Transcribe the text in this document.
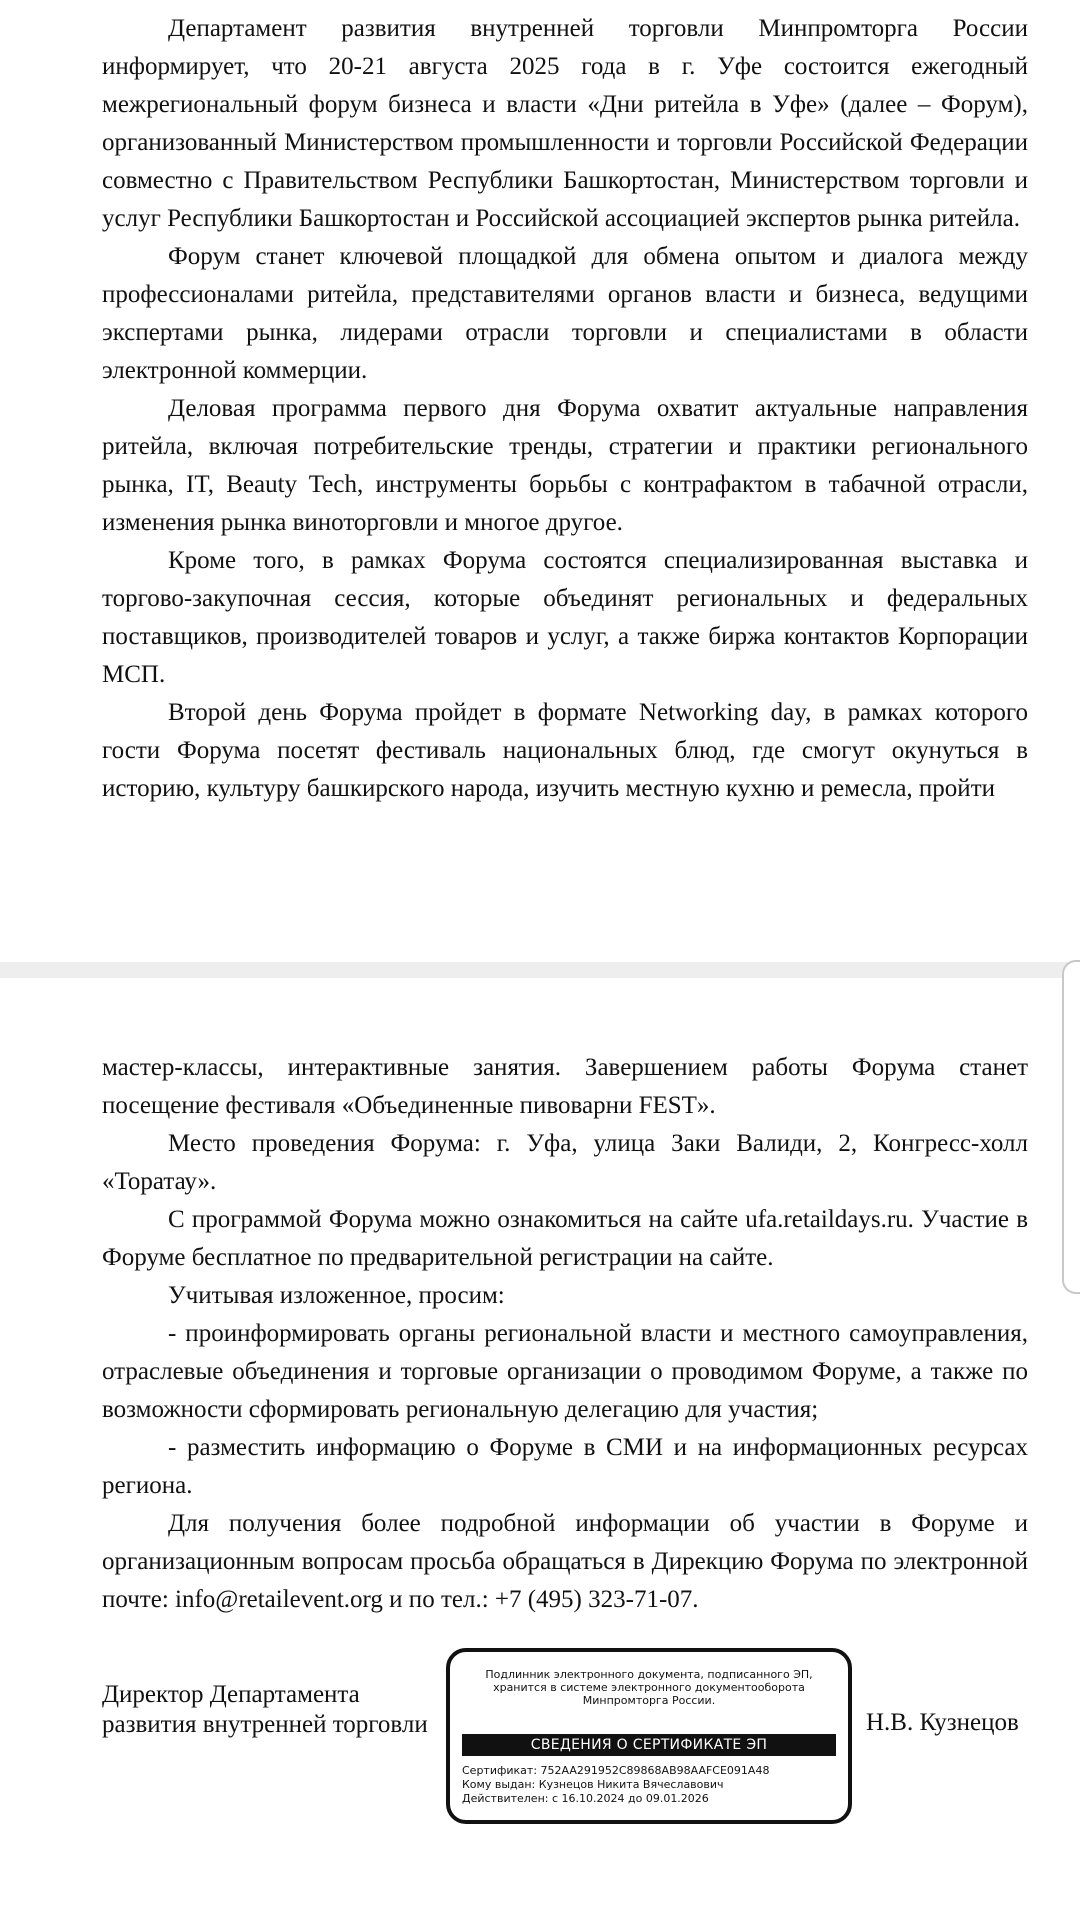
Департамент развития внутренней торговли Минпромторга России информирует, что 20-21 августа 2025 года в г. Уфе состоится ежегодный межрегиональный форум бизнеса и власти «Дни ритейла в Уфе» (далее – Форум), организованный Министерством промышленности и торговли Российской Федерации совместно с Правительством Республики Башкортостан, Министерством торговли и услуг Республики Башкортостан и Российской ассоциацией экспертов рынка ритейла.

Форум станет ключевой площадкой для обмена опытом и диалога между профессионалами ритейла, представителями органов власти и бизнеса, ведущими экспертами рынка, лидерами отрасли торговли и специалистами в области электронной коммерции.

Деловая программа первого дня Форума охватит актуальные направления ритейла, включая потребительские тренды, стратегии и практики регионального рынка, IT, Beauty Tech, инструменты борьбы с контрафактом в табачной отрасли, изменения рынка виноторговли и многое другое.

Кроме того, в рамках Форума состоятся специализированная выставка и торгово-закупочная сессия, которые объединят региональных и федеральных поставщиков, производителей товаров и услуг, а также биржа контактов Корпорации МСП.

Второй день Форума пройдет в формате Networking day, в рамках которого гости Форума посетят фестиваль национальных блюд, где смогут окунуться в историю, культуру башкирского народа, изучить местную кухню и ремесла, пройти

мастер-классы, интерактивные занятия. Завершением работы Форума станет посещение фестиваля «Объединенные пивоварни FEST».

Место проведения Форума: г. Уфа, улица Заки Валиди, 2, Конгресс-холл «Торатау».

С программой Форума можно ознакомиться на сайте ufa.retaildays.ru. Участие в Форуме бесплатное по предварительной регистрации на сайте.

Учитывая изложенное, просим:

- проинформировать органы региональной власти и местного самоуправления, отраслевые объединения и торговые организации о проводимом Форуме, а также по возможности сформировать региональную делегацию для участия;

- разместить информацию о Форуме в СМИ и на информационных ресурсах региона.

Для получения более подробной информации об участии в Форуме и организационным вопросам просьба обращаться в Дирекцию Форума по электронной почте: info@retailevent.org и по тел.: +7 (495) 323-71-07.

Директор Департамента
развития внутренней торговли
Подлинник электронного документа, подписанного ЭП, хранится в системе электронного документооборота Минпромторга России.
СВЕДЕНИЯ О СЕРТИФИКАТЕ ЭП
Сертификат: 752AA291952C89868AB98AAFCE091A48
Кому выдан: Кузнецов Никита Вячеславович
Действителен: с 16.10.2024 до 09.01.2026
Н.В. Кузнецов
